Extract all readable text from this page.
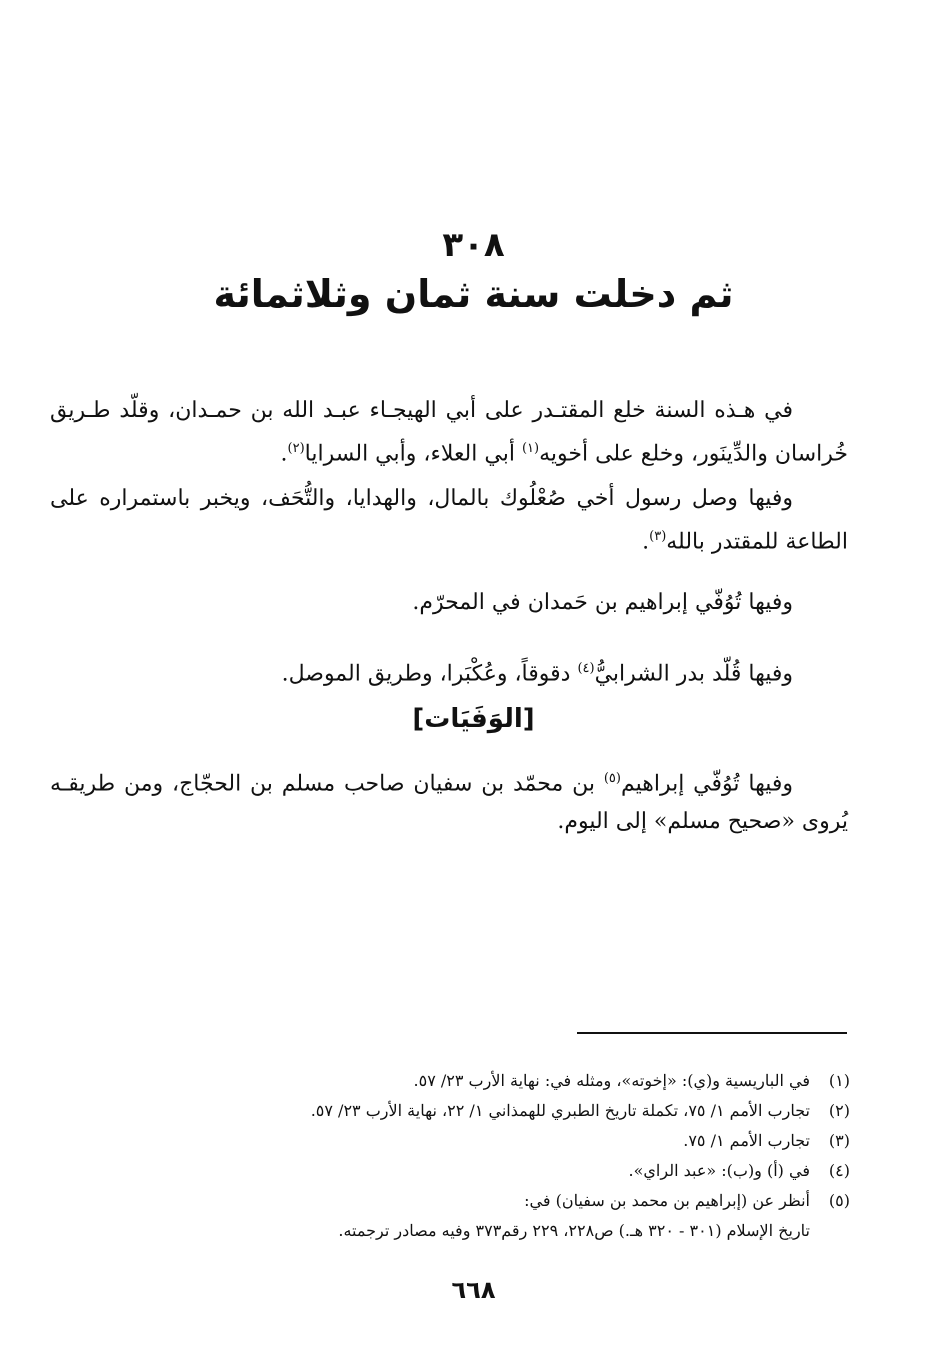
٣٠٨
ثم دخلت سنة ثمان وثلاثمائة

في هـذه السنة خلع المقتـدر على أبي الهيجـاء عبـد الله بن حمـدان، وقلّد طـريق خُراسان والدِّينَور، وخلع على أخويه$^{(١)}$ أبي العلاء، وأبي السرايا$^{(٢)}$.

وفيها وصل رسول أخي صُعْلُوك بالمال، والهدايا، والتُّحَف، ويخبر باستمراره على الطاعة للمقتدر بالله$^{(٣)}$.

وفيها تُوُفّي إبراهيم بن حَمدان في المحرّم.

وفيها قُلّد بدر الشرابيُّ$^{(٤)}$ دقوقاً، وعُكْبَرا، وطريق الموصل.

[الوَفَيَات]

وفيها تُوُفّي إبراهيم$^{(٥)}$ بن محمّد بن سفيان صاحب مسلم بن الحجّاج، ومن طريقـه يُروى «صحيح مسلم» إلى اليوم.

(١)
في الباريسية و(ي): «إخوته»، ومثله في: نهاية الأرب ٢٣/ ٥٧.
(٢)
تجارب الأمم ١/ ٧٥، تكملة تاريخ الطبري للهمذاني ١/ ٢٢، نهاية الأرب ٢٣/ ٥٧.
(٣)
تجارب الأمم ١/ ٧٥.
(٤)
في (أ) و(ب): «عبد الراي».
(٥)
أنظر عن (إبراهيم بن محمد بن سفيان) في:
تاريخ الإسلام (٣٠١ - ٣٢٠ هـ.) ص٢٢٨، ٢٢٩ رقم٣٧٣ وفيه مصادر ترجمته.
٦٦٨
